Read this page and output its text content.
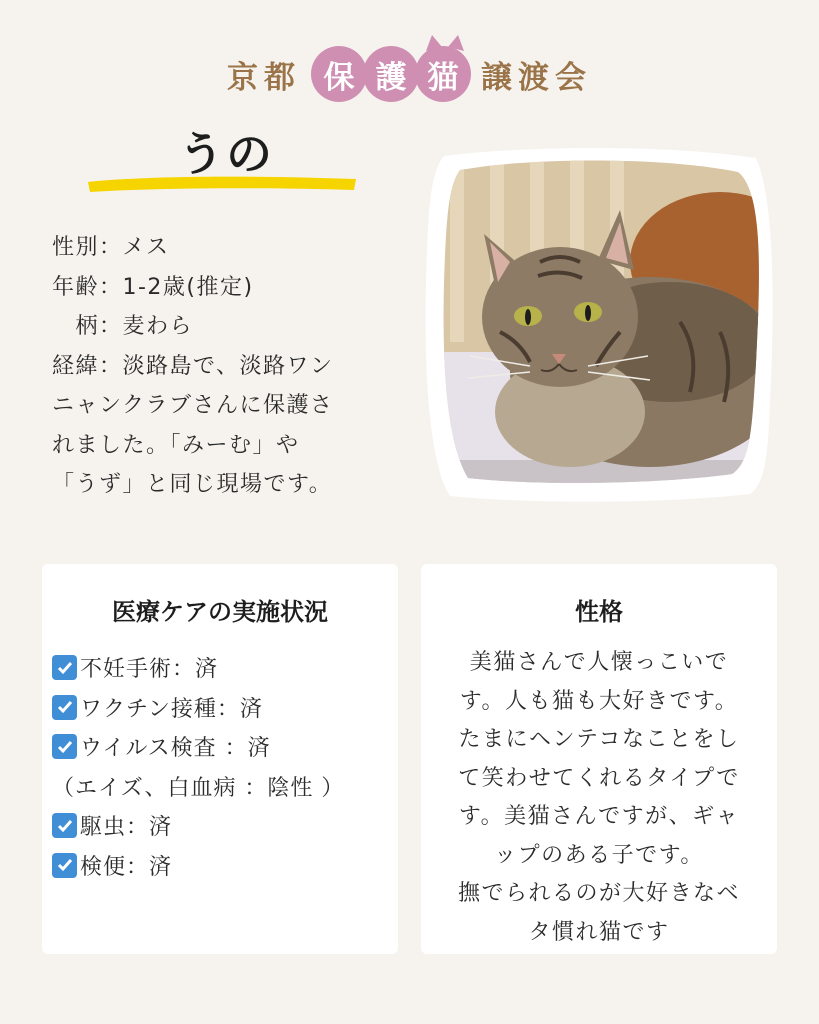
京都 保 護 猫 譲渡会
うの
性別：メス
年齢：1-2歳(推定)
　柄：麦わら
経緯：淡路島で、淡路ワン
ニャンクラブさんに保護さ
れました。「みーむ」や
「うず」と同じ現場です。
医療ケアの実施状況
不妊手術：済
ワクチン接種：済
ウイルス検査 ：済
（エイズ、白血病 ：陰性 ）
駆虫：済
検便：済
性格
美猫さんで人懐っこいで
す。人も猫も大好きです。
たまにヘンテコなことをし
て笑わせてくれるタイプで
す。美猫さんですが、ギャ
ップのある子です。
撫でられるのが大好きなベ
タ慣れ猫です
